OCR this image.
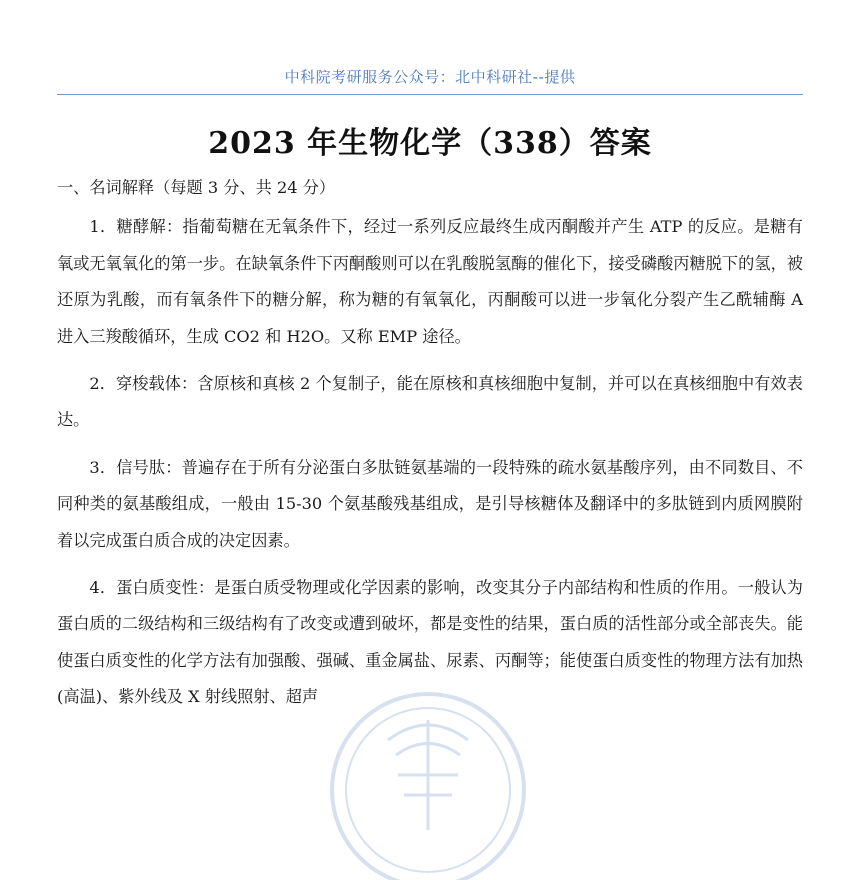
中科院考研服务公众号：北中科研社--提供
2023 年生物化学（338）答案

一、名词解释（每题 3 分、共 24 分）

1．糖酵解：指葡萄糖在无氧条件下，经过一系列反应最终生成丙酮酸并产生 ATP 的反应。是糖有氧或无氧氧化的第一步。在缺氧条件下丙酮酸则可以在乳酸脱氢酶的催化下，接受磷酸丙糖脱下的氢，被还原为乳酸，而有氧条件下的糖分解，称为糖的有氧氧化，丙酮酸可以进一步氧化分裂产生乙酰辅酶 A 进入三羧酸循环，生成 CO2 和 H2O。又称 EMP 途径。

2．穿梭载体：含原核和真核 2 个复制子，能在原核和真核细胞中复制，并可以在真核细胞中有效表达。

3．信号肽：普遍存在于所有分泌蛋白多肽链氨基端的一段特殊的疏水氨基酸序列，由不同数目、不同种类的氨基酸组成，一般由 15-30 个氨基酸残基组成，是引导核糖体及翻译中的多肽链到内质网膜附着以完成蛋白质合成的决定因素。

4．蛋白质变性：是蛋白质受物理或化学因素的影响，改变其分子内部结构和性质的作用。一般认为蛋白质的二级结构和三级结构有了改变或遭到破坏，都是变性的结果，蛋白质的活性部分或全部丧失。能使蛋白质变性的化学方法有加强酸、强碱、重金属盐、尿素、丙酮等；能使蛋白质变性的物理方法有加热(高温)、紫外线及 X 射线照射、超声
